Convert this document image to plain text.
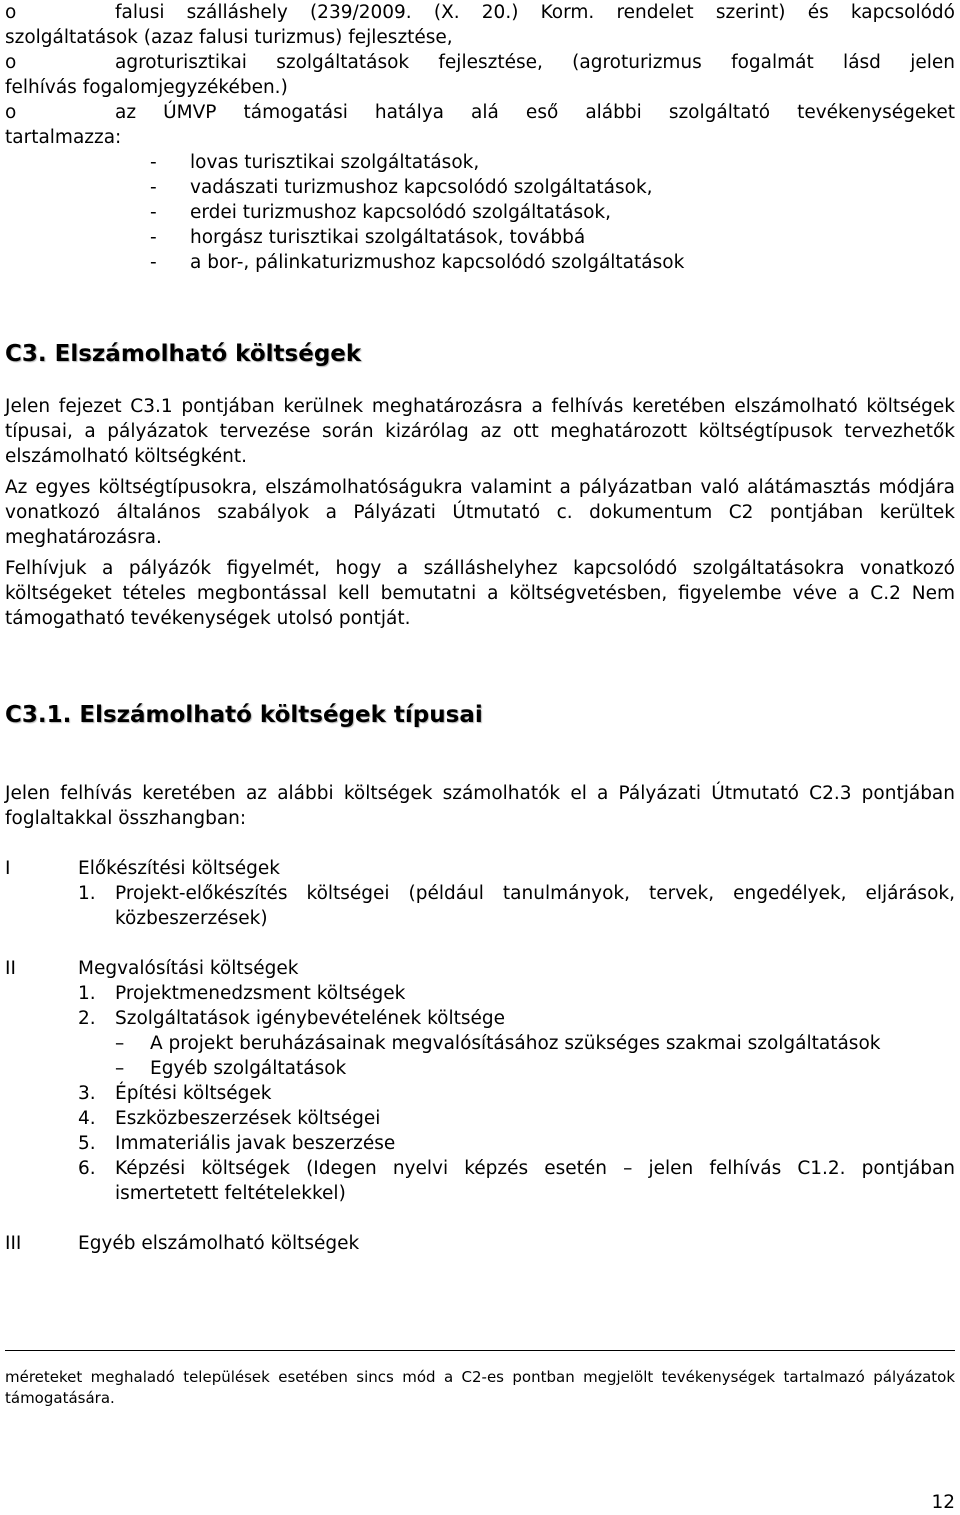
o	falusi szálláshely (239/2009. (X. 20.) Korm. rendelet szerint) és kapcsolódó
szolgáltatások (azaz falusi turizmus) fejlesztése,
o	agroturisztikai szolgáltatások fejlesztése, (agroturizmus fogalmát lásd jelen
felhívás fogalomjegyzékében.)
o	az ÚMVP támogatási hatálya alá eső alábbi szolgáltató tevékenységeket
tartalmazza:
- lovas turisztikai szolgáltatások,
- vadászati turizmushoz kapcsolódó szolgáltatások,
- erdei turizmushoz kapcsolódó szolgáltatások,
- horgász turisztikai szolgáltatások, továbbá
- a bor-, pálinkaturizmushoz kapcsolódó szolgáltatások
C3. Elszámolható költségek

Jelen fejezet C3.1 pontjában kerülnek meghatározásra a felhívás keretében elszámolható költségek típusai, a pályázatok tervezése során kizárólag az ott meghatározott költségtípusok tervezhetők elszámolható költségként.

Az egyes költségtípusokra, elszámolhatóságukra valamint a pályázatban való alátámasztás módjára vonatkozó általános szabályok a Pályázati Útmutató c. dokumentum C2 pontjában kerültek meghatározásra.

Felhívjuk a pályázók figyelmét, hogy a szálláshelyhez kapcsolódó szolgáltatásokra vonatkozó költségeket tételes megbontással kell bemutatni a költségvetésben, figyelembe véve a C.2 Nem támogatható tevékenységek utolsó pontját.

C3.1. Elszámolható költségek típusai
Jelen felhívás keretében az alábbi költségek számolhatók el a Pályázati Útmutató C2.3 pontjában foglaltakkal összhangban:
I	Előkészítési költségek
1. Projekt-előkészítés költségei (például tanulmányok, tervek, engedélyek, eljárások, közbeszerzések)
II	Megvalósítási költségek
1. Projektmenedzsment költségek
2. Szolgáltatások igénybevételének költsége
– A projekt beruházásainak megvalósításához szükséges szakmai szolgáltatások
– Egyéb szolgáltatások
3. Építési költségek
4. Eszközbeszerzések költségei
5. Immateriális javak beszerzése
6. Képzési költségek (Idegen nyelvi képzés esetén – jelen felhívás C1.2. pontjában ismertetett feltételekkel)
III	Egyéb elszámolható költségek
méreteket meghaladó települések esetében sincs mód a C2-es pontban megjelölt tevékenységek tartalmazó pályázatok támogatására.
12
